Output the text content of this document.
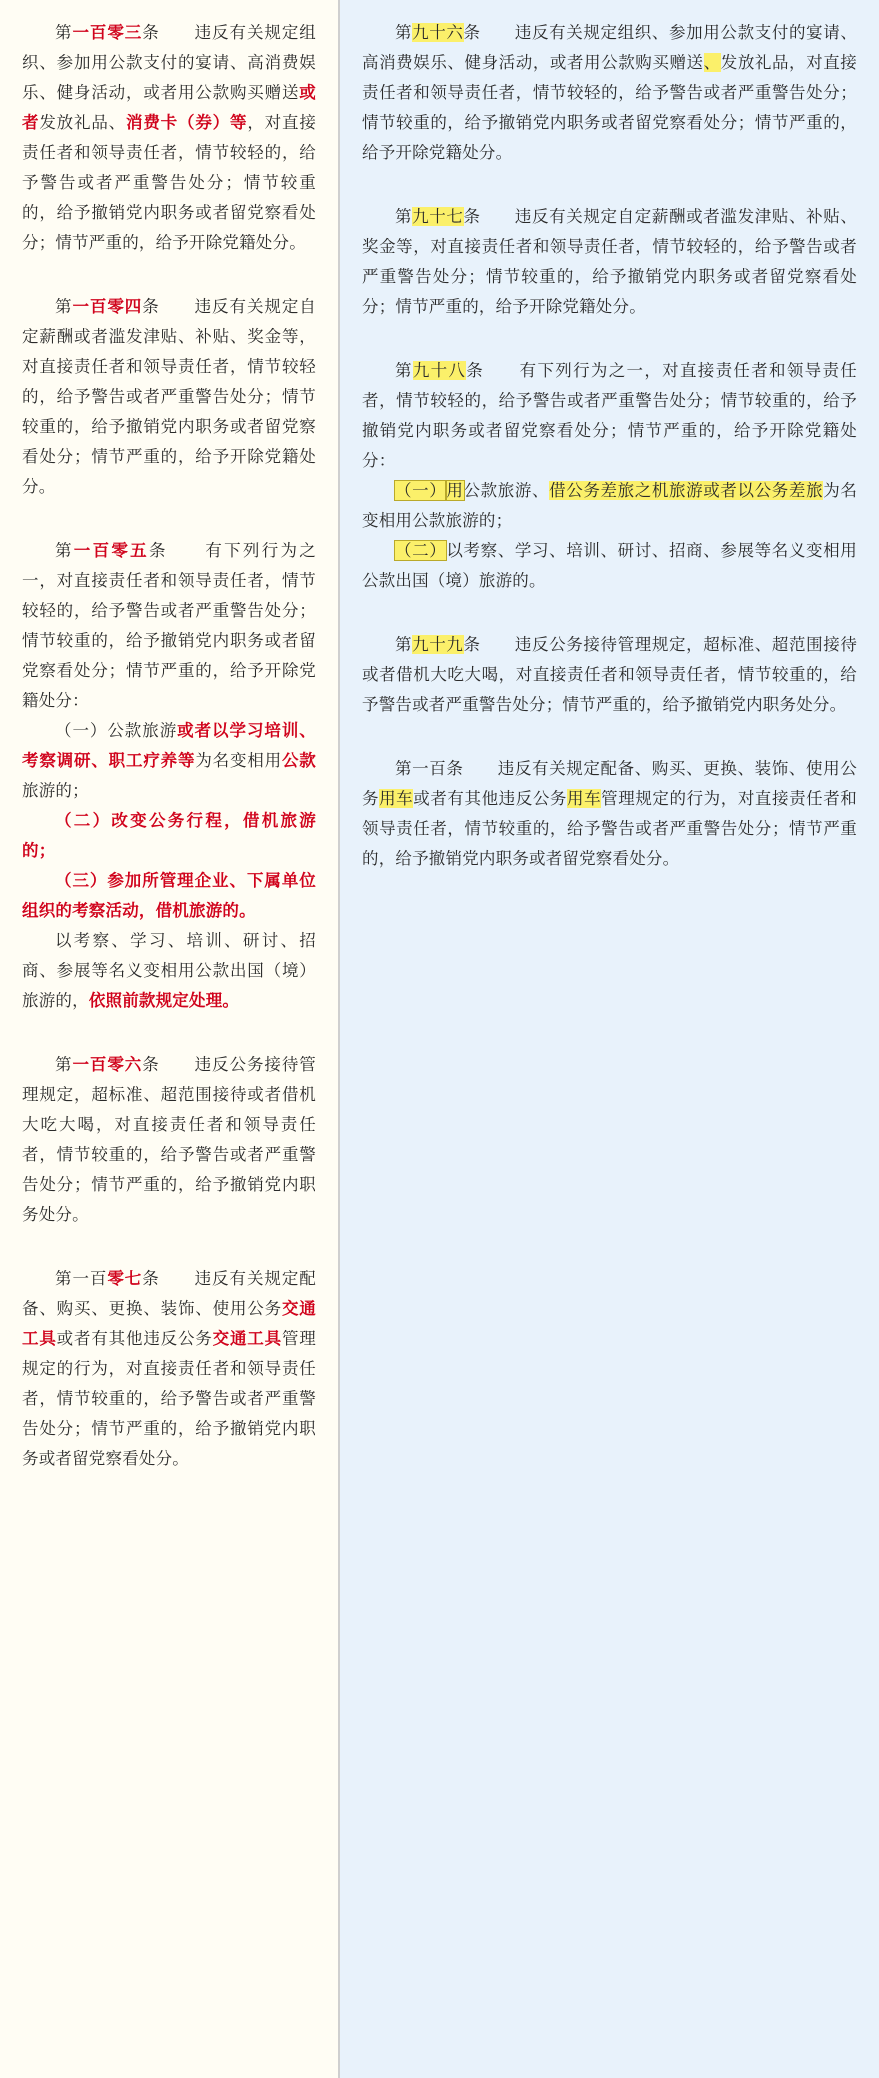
第一百零三条　　违反有关规定组织、参加用公款支付的宴请、高消费娱乐、健身活动，或者用公款购买赠送或者发放礼品、消费卡（券）等，对直接责任者和领导责任者，情节较轻的，给予警告或者严重警告处分；情节较重的，给予撤销党内职务或者留党察看处分；情节严重的，给予开除党籍处分。

第一百零四条　　违反有关规定自定薪酬或者滥发津贴、补贴、奖金等，对直接责任者和领导责任者，情节较轻的，给予警告或者严重警告处分；情节较重的，给予撤销党内职务或者留党察看处分；情节严重的，给予开除党籍处分。

第一百零五条　　有下列行为之一，对直接责任者和领导责任者，情节较轻的，给予警告或者严重警告处分；情节较重的，给予撤销党内职务或者留党察看处分；情节严重的，给予开除党籍处分：

（一）公款旅游或者以学习培训、考察调研、职工疗养等为名变相用公款旅游的；

（二）改变公务行程，借机旅游的；

（三）参加所管理企业、下属单位组织的考察活动，借机旅游的。

以考察、学习、培训、研讨、招商、参展等名义变相用公款出国（境）旅游的，依照前款规定处理。

第一百零六条　　违反公务接待管理规定，超标准、超范围接待或者借机大吃大喝，对直接责任者和领导责任者，情节较重的，给予警告或者严重警告处分；情节严重的，给予撤销党内职务处分。

第一百零七条　　违反有关规定配备、购买、更换、装饰、使用公务交通工具或者有其他违反公务交通工具管理规定的行为，对直接责任者和领导责任者，情节较重的，给予警告或者严重警告处分；情节严重的，给予撤销党内职务或者留党察看处分。

第九十六条　　违反有关规定组织、参加用公款支付的宴请、高消费娱乐、健身活动，或者用公款购买赠送、发放礼品，对直接责任者和领导责任者，情节较轻的，给予警告或者严重警告处分；情节较重的，给予撤销党内职务或者留党察看处分；情节严重的，给予开除党籍处分。

第九十七条　　违反有关规定自定薪酬或者滥发津贴、补贴、奖金等，对直接责任者和领导责任者，情节较轻的，给予警告或者严重警告处分；情节较重的，给予撤销党内职务或者留党察看处分；情节严重的，给予开除党籍处分。

第九十八条　　有下列行为之一，对直接责任者和领导责任者，情节较轻的，给予警告或者严重警告处分；情节较重的，给予撤销党内职务或者留党察看处分；情节严重的，给予开除党籍处分：

（一）用公款旅游、借公务差旅之机旅游或者以公务差旅为名变相用公款旅游的；

（二）以考察、学习、培训、研讨、招商、参展等名义变相用公款出国（境）旅游的。

第九十九条　　违反公务接待管理规定，超标准、超范围接待或者借机大吃大喝，对直接责任者和领导责任者，情节较重的，给予警告或者严重警告处分；情节严重的，给予撤销党内职务处分。

第一百条　　违反有关规定配备、购买、更换、装饰、使用公务用车或者有其他违反公务用车管理规定的行为，对直接责任者和领导责任者，情节较重的，给予警告或者严重警告处分；情节严重的，给予撤销党内职务或者留党察看处分。
